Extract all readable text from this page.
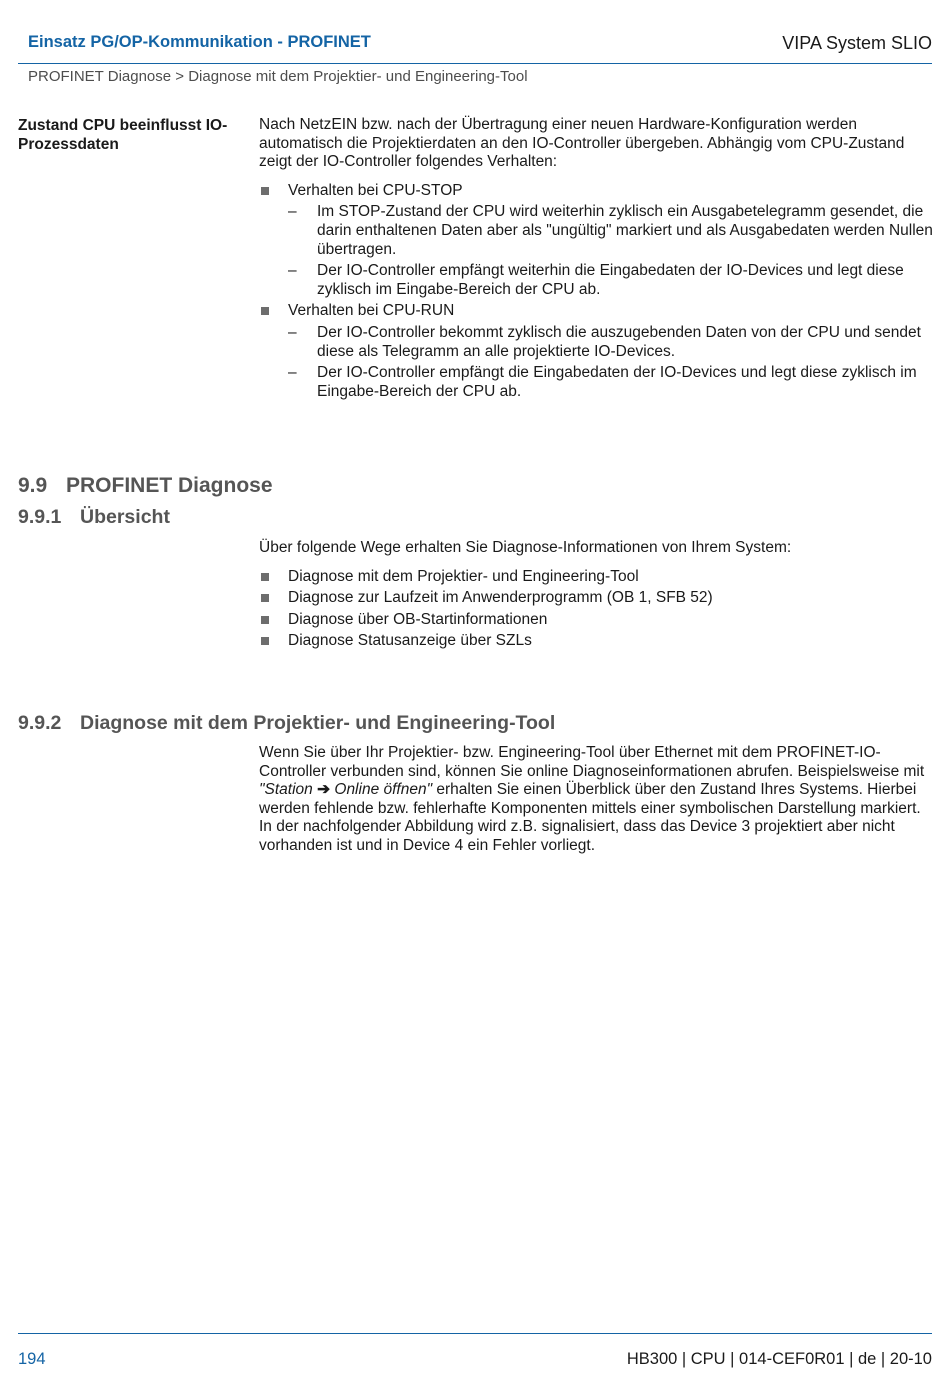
Einsatz PG/OP-Kommunikation - PROFINET	VIPA System SLIO
PROFINET Diagnose > Diagnose mit dem Projektier- und Engineering-Tool
Zustand CPU beeinflusst IO-Prozessdaten

Nach NetzEIN bzw. nach der Übertragung einer neuen Hardware-Konfiguration werden automatisch die Projektierdaten an den IO-Controller übergeben. Abhängig vom CPU-Zustand zeigt der IO-Controller folgendes Verhalten:

Verhalten bei CPU-STOP
– Im STOP-Zustand der CPU wird weiterhin zyklisch ein Ausgabetelegramm gesendet, die darin enthaltenen Daten aber als "ungültig" markiert und als Ausgabedaten werden Nullen übertragen.
– Der IO-Controller empfängt weiterhin die Eingabedaten der IO-Devices und legt diese zyklisch im Eingabe-Bereich der CPU ab.
Verhalten bei CPU-RUN
– Der IO-Controller bekommt zyklisch die auszugebenden Daten von der CPU und sendet diese als Telegramm an alle projektierte IO-Devices.
– Der IO-Controller empfängt die Eingabedaten der IO-Devices und legt diese zyklisch im Eingabe-Bereich der CPU ab.
9.9 PROFINET Diagnose
9.9.1 Übersicht

Über folgende Wege erhalten Sie Diagnose-Informationen von Ihrem System:

Diagnose mit dem Projektier- und Engineering-Tool
Diagnose zur Laufzeit im Anwenderprogramm (OB 1, SFB 52)
Diagnose über OB-Startinformationen
Diagnose Statusanzeige über SZLs
9.9.2 Diagnose mit dem Projektier- und Engineering-Tool

Wenn Sie über Ihr Projektier- bzw. Engineering-Tool über Ethernet mit dem PROFINET-IO-Controller verbunden sind, können Sie online Diagnoseinformationen abrufen. Beispielsweise mit "Station ➔ Online öffnen" erhalten Sie einen Überblick über den Zustand Ihres Systems. Hierbei werden fehlende bzw. fehlerhafte Komponenten mittels einer symbolischen Darstellung markiert. In der nachfolgender Abbildung wird z.B. signalisiert, dass das Device 3 projektiert aber nicht vorhanden ist und in Device 4 ein Fehler vorliegt.

194	HB300 | CPU | 014-CEF0R01 | de | 20-10
